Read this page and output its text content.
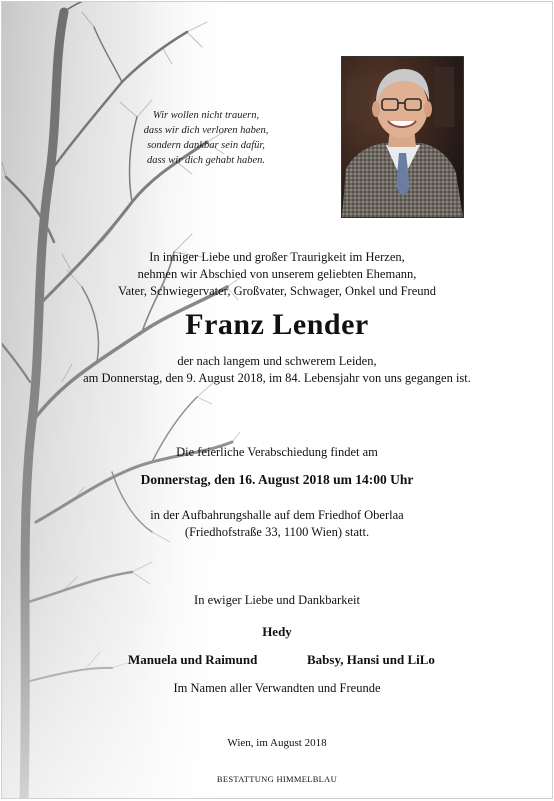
Wir wollen nicht trauern,
dass wir dich verloren haben,
sondern dankbar sein dafür,
dass wir dich gehabt haben.
In inniger Liebe und großer Traurigkeit im Herzen,
nehmen wir Abschied von unserem geliebten Ehemann,
Vater, Schwiegervater, Großvater, Schwager, Onkel und Freund
Franz Lender
der nach langem und schwerem Leiden,
am Donnerstag, den 9. August 2018, im 84. Lebensjahr von uns gegangen ist.
Die feierliche Verabschiedung findet am
Donnerstag, den 16. August 2018 um 14:00 Uhr
in der Aufbahrungshalle auf dem Friedhof Oberlaa
(Friedhofstraße 33, 1100 Wien) statt.
In ewiger Liebe und Dankbarkeit
Hedy
Manuela und Raimund	Babsy, Hansi und LiLo
Im Namen aller Verwandten und Freunde
Wien, im August 2018
BESTATTUNG HIMMELBLAU
